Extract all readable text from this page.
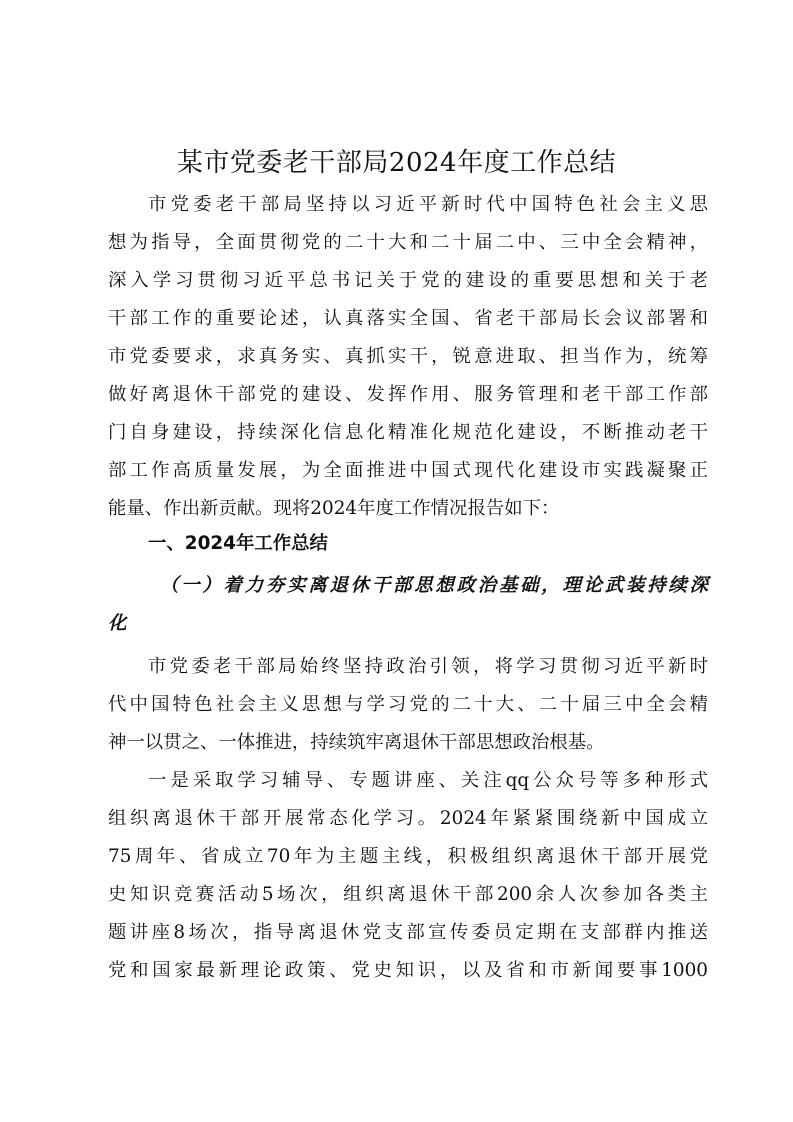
某市党委老干部局2024年度工作总结
市党委老干部局坚持以习近平新时代中国特色社会主义思
想为指导，全面贯彻党的二十大和二十届二中、三中全会精神，
深入学习贯彻习近平总书记关于党的建设的重要思想和关于老
干部工作的重要论述，认真落实全国、省老干部局长会议部署和
市党委要求，求真务实、真抓实干，锐意进取、担当作为，统筹
做好离退休干部党的建设、发挥作用、服务管理和老干部工作部
门自身建设，持续深化信息化精准化规范化建设，不断推动老干
部工作高质量发展，为全面推进中国式现代化建设市实践凝聚正
能量、作出新贡献。现将2024年度工作情况报告如下：
一、2024年工作总结
（一）着力夯实离退休干部思想政治基础，理论武装持续深
化
市党委老干部局始终坚持政治引领，将学习贯彻习近平新时
代中国特色社会主义思想与学习党的二十大、二十届三中全会精
神一以贯之、一体推进，持续筑牢离退休干部思想政治根基。
一是采取学习辅导、专题讲座、关注qq公众号等多种形式
组织离退休干部开展常态化学习。2024年紧紧围绕新中国成立
75周年、省成立70年为主题主线，积极组织离退休干部开展党
史知识竞赛活动5场次，组织离退休干部200余人次参加各类主
题讲座8场次，指导离退休党支部宣传委员定期在支部群内推送
党和国家最新理论政策、党史知识，以及省和市新闻要事1000
